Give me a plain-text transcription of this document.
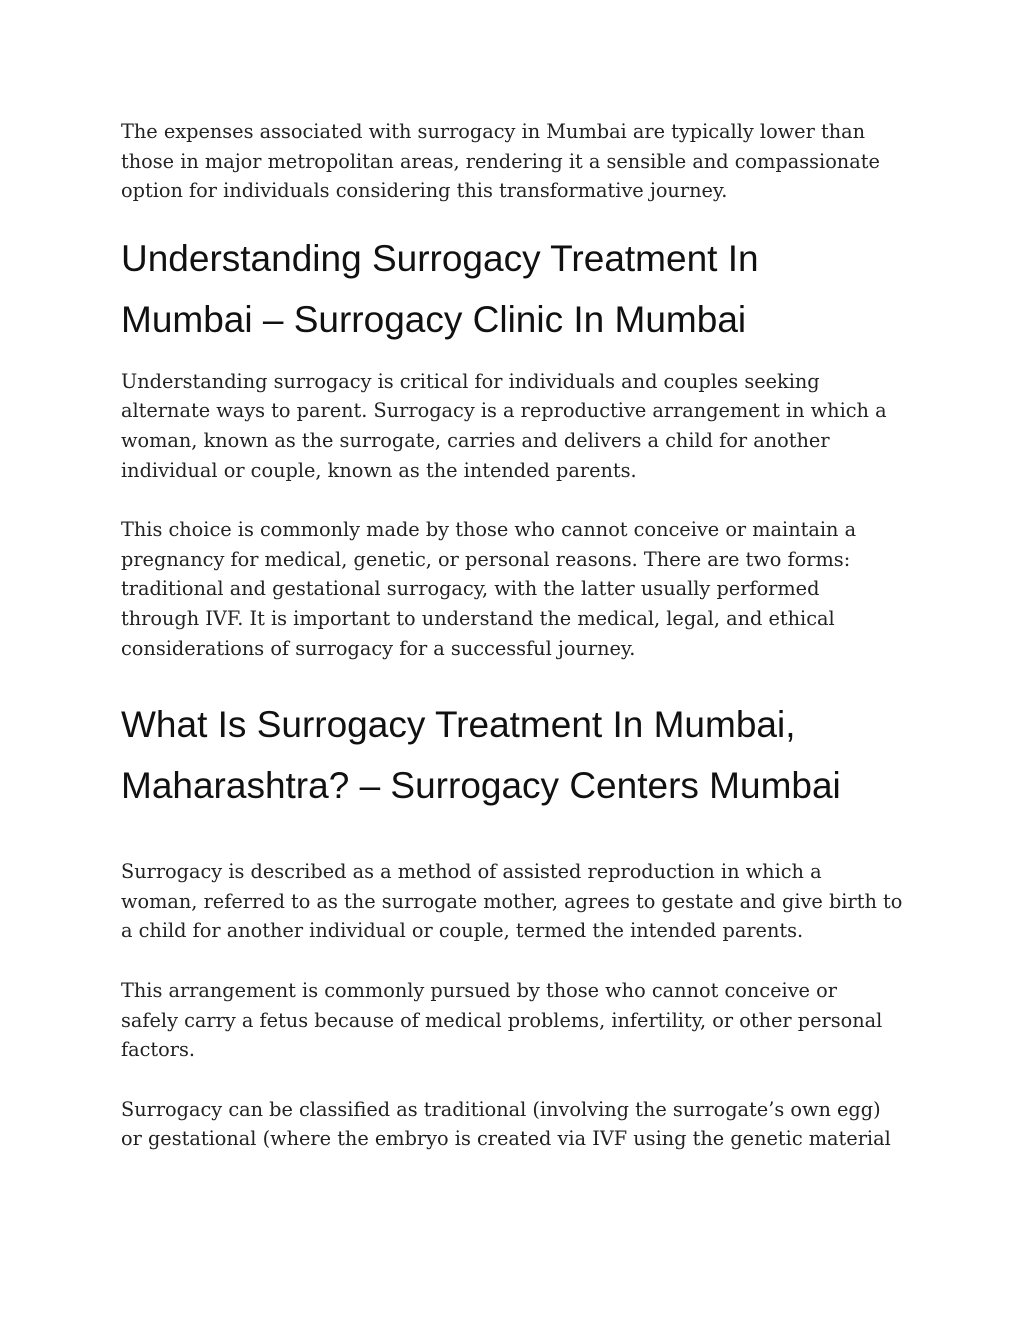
The expenses associated with surrogacy in Mumbai are typically lower than
those in major metropolitan areas, rendering it a sensible and compassionate
option for individuals considering this transformative journey.

Understanding Surrogacy Treatment In
Mumbai – Surrogacy Clinic In Mumbai

Understanding surrogacy is critical for individuals and couples seeking
alternate ways to parent. Surrogacy is a reproductive arrangement in which a
woman, known as the surrogate, carries and delivers a child for another
individual or couple, known as the intended parents.

This choice is commonly made by those who cannot conceive or maintain a
pregnancy for medical, genetic, or personal reasons. There are two forms:
traditional and gestational surrogacy, with the latter usually performed
through IVF. It is important to understand the medical, legal, and ethical
considerations of surrogacy for a successful journey.

What Is Surrogacy Treatment In Mumbai,
Maharashtra? – Surrogacy Centers Mumbai

Surrogacy is described as a method of assisted reproduction in which a
woman, referred to as the surrogate mother, agrees to gestate and give birth to
a child for another individual or couple, termed the intended parents.

This arrangement is commonly pursued by those who cannot conceive or
safely carry a fetus because of medical problems, infertility, or other personal
factors.

Surrogacy can be classified as traditional (involving the surrogate’s own egg)
or gestational (where the embryo is created via IVF using the genetic material
